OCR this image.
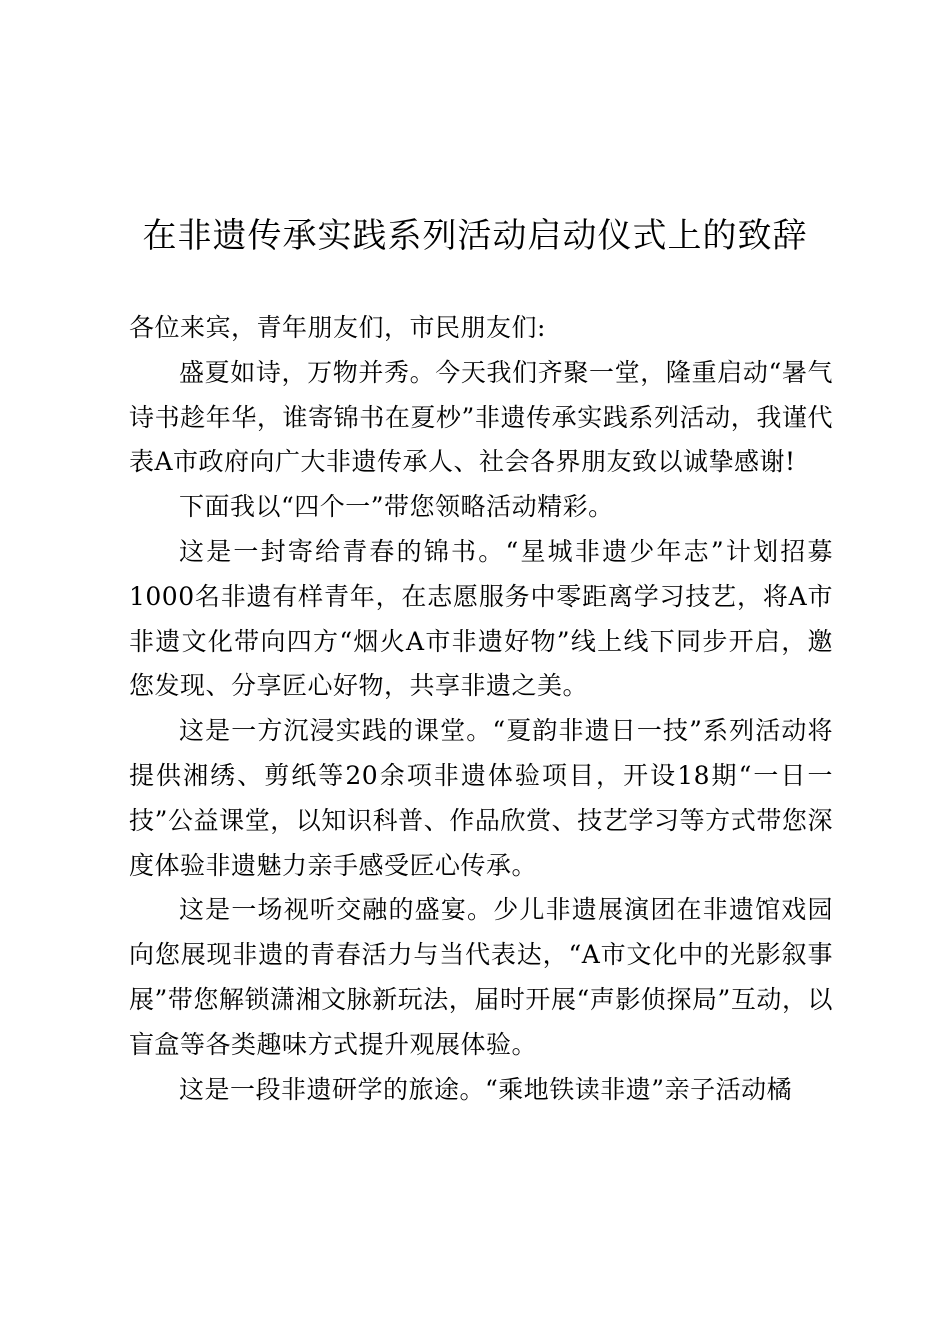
在非遗传承实践系列活动启动仪式上的致辞

各位来宾，青年朋友们，市民朋友们:

盛夏如诗，万物并秀。今天我们齐聚一堂，隆重启动“暑气诗书趁年华，谁寄锦书在夏杪”非遗传承实践系列活动，我谨代表A市政府向广大非遗传承人、社会各界朋友致以诚挚感谢!

下面我以“四个一”带您领略活动精彩。

这是一封寄给青春的锦书。“星城非遗少年志”计划招募1000名非遗有样青年，在志愿服务中零距离学习技艺，将A市非遗文化带向四方“烟火A市非遗好物”线上线下同步开启，邀您发现、分享匠心好物，共享非遗之美。

这是一方沉浸实践的课堂。“夏韵非遗日一技”系列活动将提供湘绣、剪纸等20余项非遗体验项目，开设18期“一日一技”公益课堂，以知识科普、作品欣赏、技艺学习等方式带您深度体验非遗魅力亲手感受匠心传承。

这是一场视听交融的盛宴。少儿非遗展演团在非遗馆戏园向您展现非遗的青春活力与当代表达，“A市文化中的光影叙事展”带您解锁潇湘文脉新玩法，届时开展“声影侦探局”互动，以盲盒等各类趣味方式提升观展体验。

这是一段非遗研学的旅途。“乘地铁读非遗”亲子活动橘
